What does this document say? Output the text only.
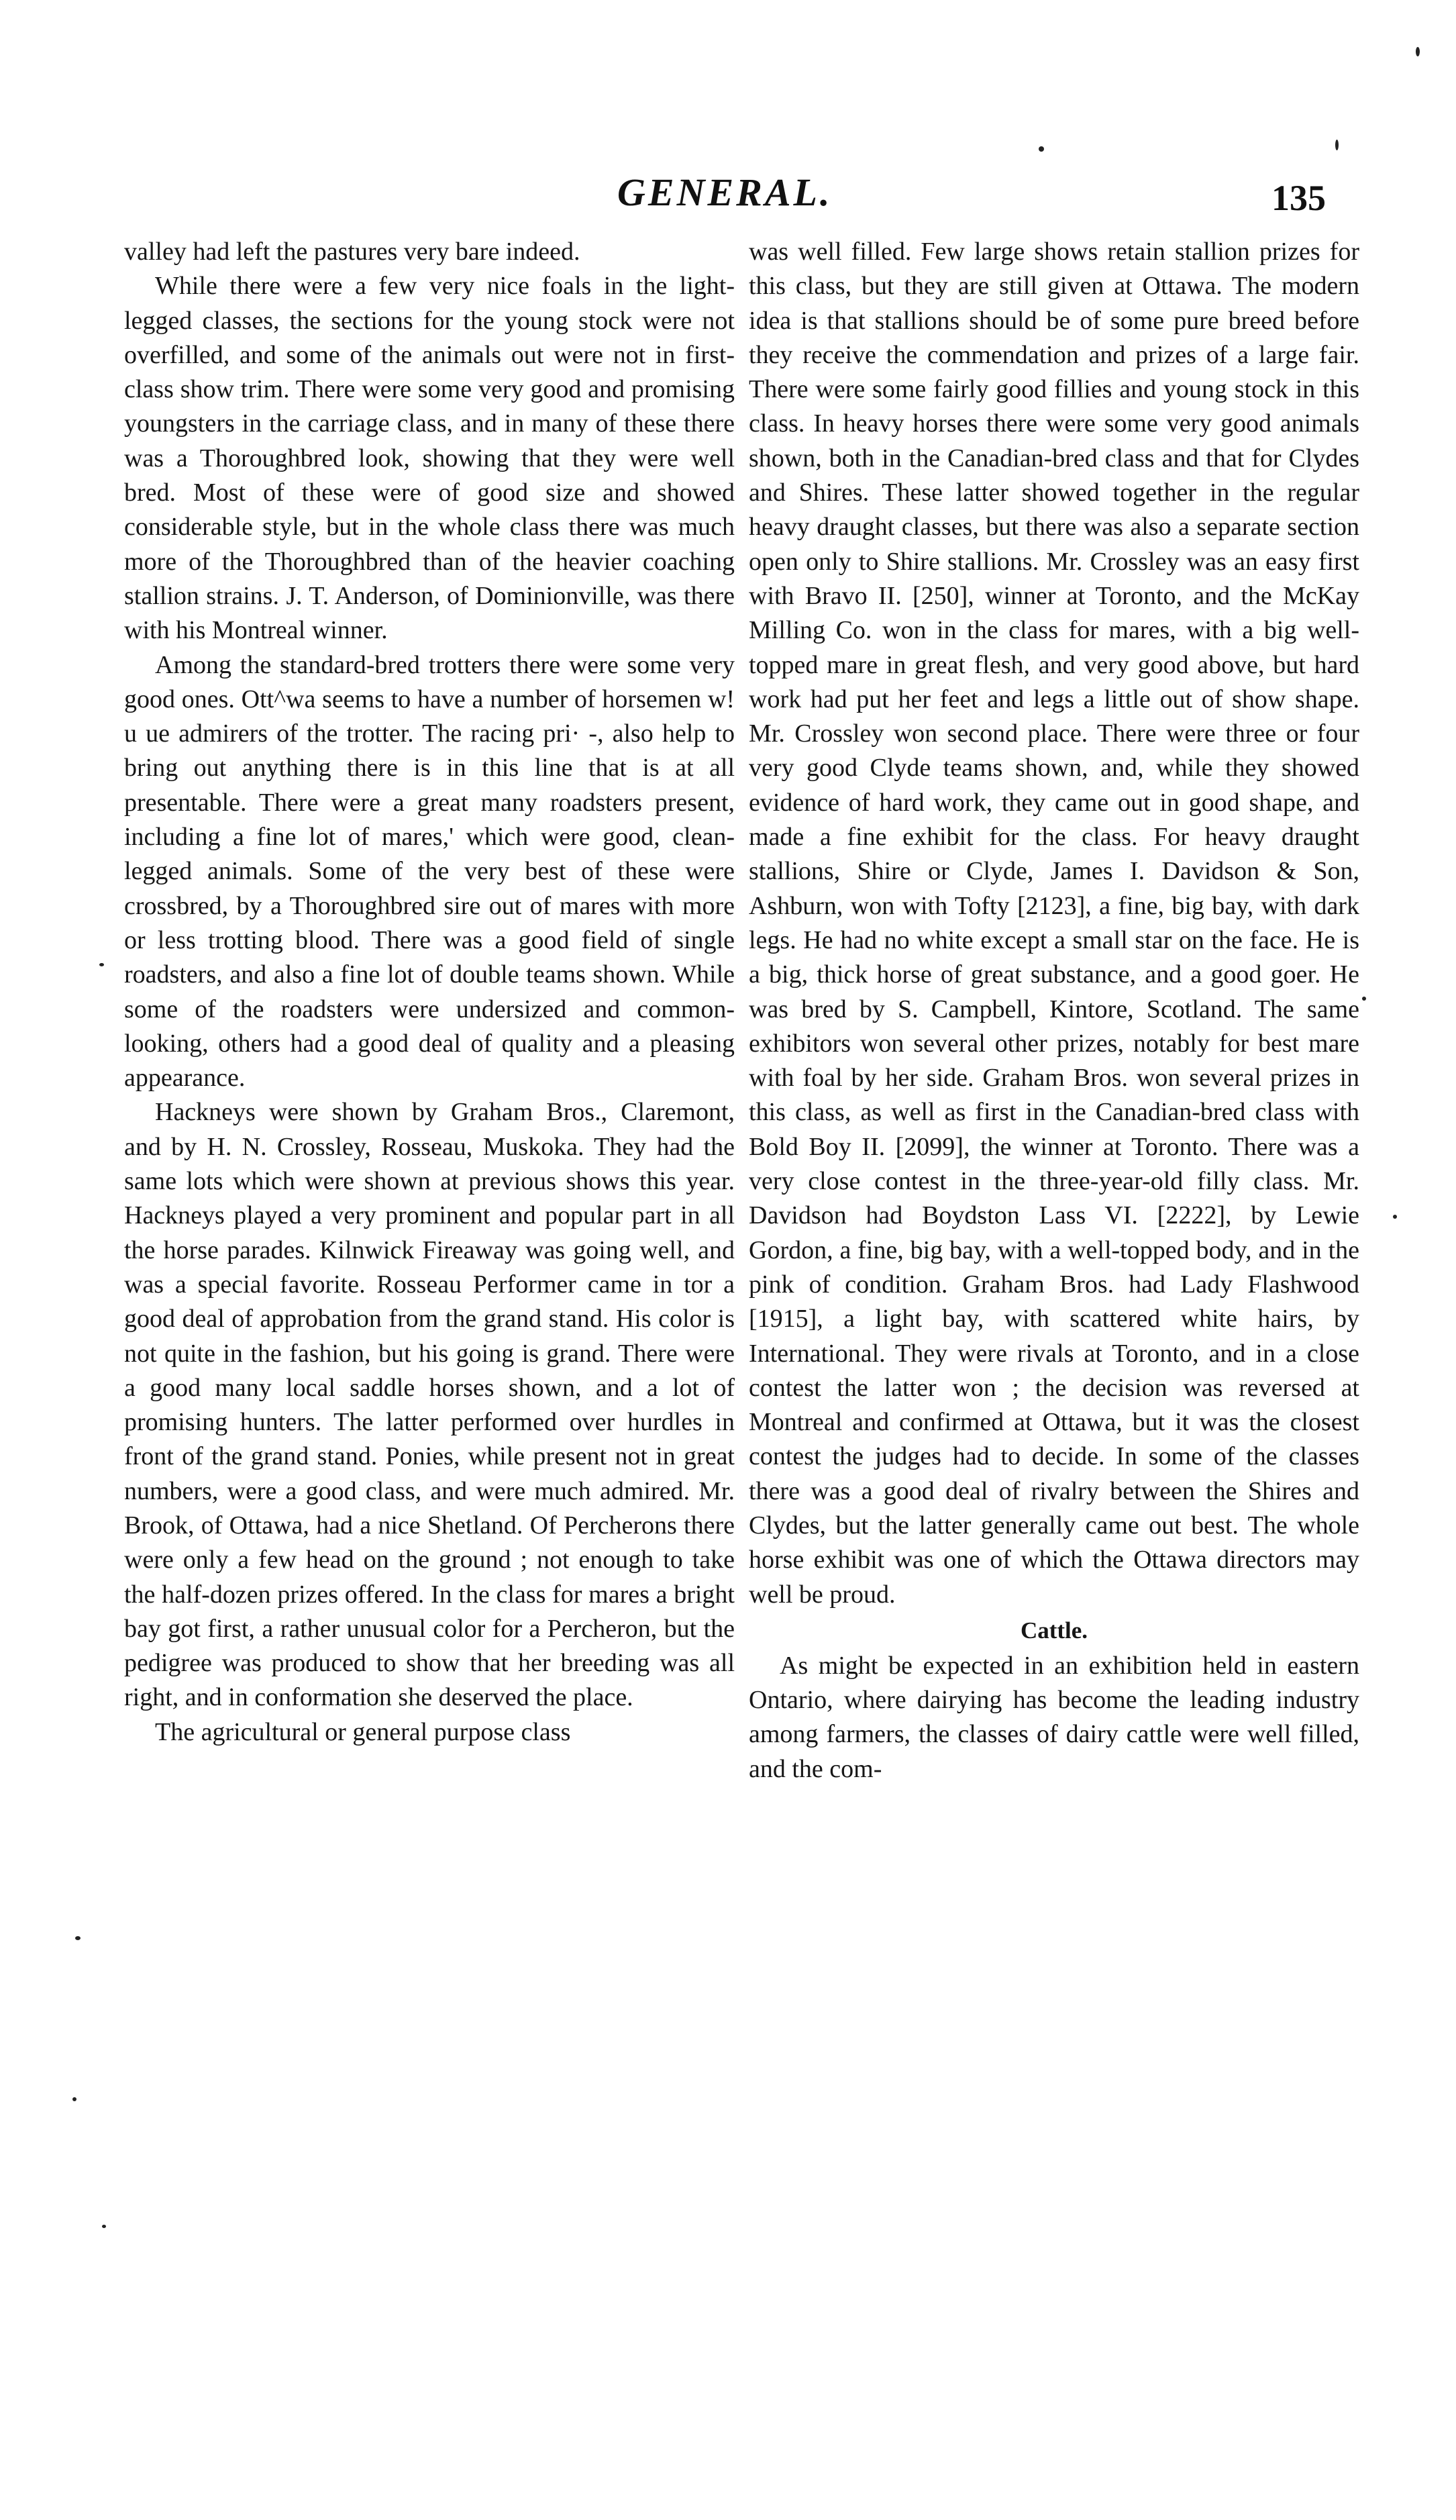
GENERAL.	135

valley had left the pastures very bare indeed.

While there were a few very nice foals in the light-legged classes, the sections for the young stock were not overfilled, and some of the animals out were not in first-class show trim. There were some very good and promising youngsters in the carriage class, and in many of these there was a Thoroughbred look, showing that they were well bred. Most of these were of good size and showed considerable style, but in the whole class there was much more of the Thoroughbred than of the heavier coaching stallion strains. J. T. Anderson, of Dominionville, was there with his Montreal winner.

Among the standard-bred trotters there were some very good ones. Ott^wa seems to have a number of horsemen w! u ue admirers of the trotter. The racing pri· -, also help to bring out anything there is in this line that is at all presentable. There were a great many roadsters present, including a fine lot of mares,' which were good, clean-legged animals. Some of the very best of these were crossbred, by a Thoroughbred sire out of mares with more or less trotting blood. There was a good field of single roadsters, and also a fine lot of double teams shown. While some of the roadsters were undersized and common-looking, others had a good deal of quality and a pleasing appearance.

Hackneys were shown by Graham Bros., Claremont, and by H. N. Crossley, Rosseau, Muskoka. They had the same lots which were shown at previous shows this year. Hackneys played a very prominent and popular part in all the horse parades. Kilnwick Fireaway was going well, and was a special favorite. Rosseau Performer came in tor a good deal of approbation from the grand stand. His color is not quite in the fashion, but his going is grand. There were a good many local saddle horses shown, and a lot of promising hunters. The latter performed over hurdles in front of the grand stand. Ponies, while present not in great numbers, were a good class, and were much admired. Mr. Brook, of Ottawa, had a nice Shetland. Of Percherons there were only a few head on the ground ; not enough to take the half-dozen prizes offered. In the class for mares a bright bay got first, a rather unusual color for a Percheron, but the pedigree was produced to show that her breeding was all right, and in conformation she deserved the place.

The agricultural or general purpose class

was well filled. Few large shows retain stallion prizes for this class, but they are still given at Ottawa. The modern idea is that stallions should be of some pure breed before they receive the commendation and prizes of a large fair. There were some fairly good fillies and young stock in this class. In heavy horses there were some very good animals shown, both in the Canadian-bred class and that for Clydes and Shires. These latter showed together in the regular heavy draught classes, but there was also a separate section open only to Shire stallions. Mr. Crossley was an easy first with Bravo II. [250], winner at Toronto, and the McKay Milling Co. won in the class for mares, with a big well-topped mare in great flesh, and very good above, but hard work had put her feet and legs a little out of show shape. Mr. Crossley won second place. There were three or four very good Clyde teams shown, and, while they showed evidence of hard work, they came out in good shape, and made a fine exhibit for the class. For heavy draught stallions, Shire or Clyde, James I. Davidson & Son, Ashburn, won with Tofty [2123], a fine, big bay, with dark legs. He had no white except a small star on the face. He is a big, thick horse of great substance, and a good goer. He was bred by S. Campbell, Kintore, Scotland. The same exhibitors won several other prizes, notably for best mare with foal by her side. Graham Bros. won several prizes in this class, as well as first in the Canadian-bred class with Bold Boy II. [2099], the winner at Toronto. There was a very close contest in the three-year-old filly class. Mr. Davidson had Boydston Lass VI. [2222], by Lewie Gordon, a fine, big bay, with a well-topped body, and in the pink of condition. Graham Bros. had Lady Flashwood [1915], a light bay, with scattered white hairs, by International. They were rivals at Toronto, and in a close contest the latter won ; the decision was reversed at Montreal and confirmed at Ottawa, but it was the closest contest the judges had to decide. In some of the classes there was a good deal of rivalry between the Shires and Clydes, but the latter generally came out best. The whole horse exhibit was one of which the Ottawa directors may well be proud.

Cattle.

As might be expected in an exhibition held in eastern Ontario, where dairying has become the leading industry among farmers, the classes of dairy cattle were well filled, and the com-
